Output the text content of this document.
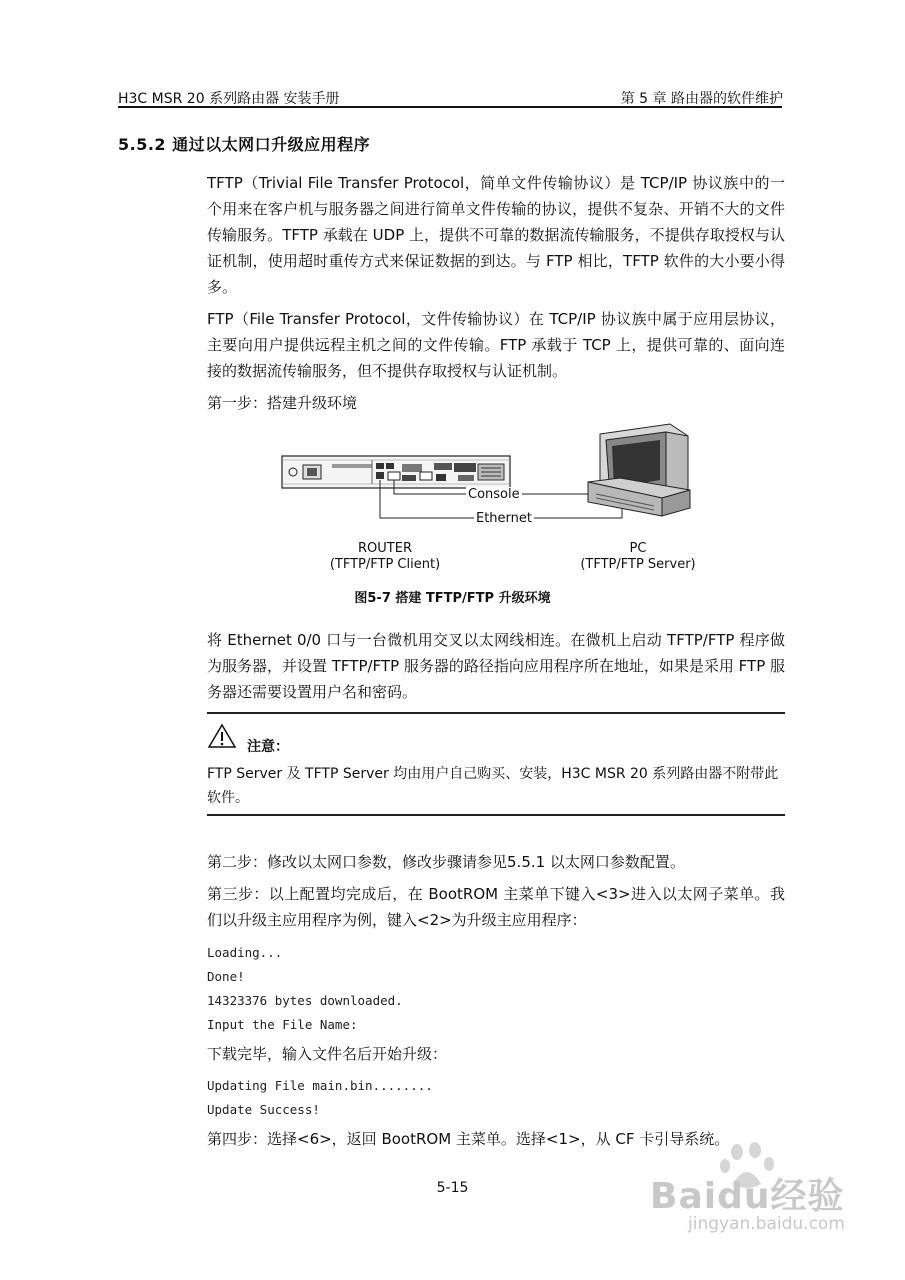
H3C MSR 20 系列路由器 安装手册	第 5 章 路由器的软件维护
5.5.2 通过以太网口升级应用程序

TFTP（Trivial File Transfer Protocol，简单文件传输协议）是 TCP/IP 协议族中的一个用来在客户机与服务器之间进行简单文件传输的协议，提供不复杂、开销不大的文件传输服务。TFTP 承载在 UDP 上，提供不可靠的数据流传输服务，不提供存取授权与认证机制，使用超时重传方式来保证数据的到达。与 FTP 相比，TFTP 软件的大小要小得多。

FTP（File Transfer Protocol，文件传输协议）在 TCP/IP 协议族中属于应用层协议，主要向用户提供远程主机之间的文件传输。FTP 承载于 TCP 上，提供可靠的、面向连接的数据流传输服务，但不提供存取授权与认证机制。

第一步：搭建升级环境
Console
Ethernet
ROUTER
(TFTP/FTP Client)
PC
(TFTP/FTP Server)
图5-7 搭建 TFTP/FTP 升级环境

将 Ethernet 0/0 口与一台微机用交叉以太网线相连。在微机上启动 TFTP/FTP 程序做为服务器，并设置 TFTP/FTP 服务器的路径指向应用程序所在地址，如果是采用 FTP 服务器还需要设置用户名和密码。

注意：
FTP Server 及 TFTP Server 均由用户自己购买、安装，H3C MSR 20 系列路由器不附带此软件。
第二步：修改以太网口参数，修改步骤请参见5.5.1 以太网口参数配置。

第三步：以上配置均完成后，在 BootROM 主菜单下键入<3>进入以太网子菜单。我们以升级主应用程序为例，键入<2>为升级主应用程序：

Loading...
Done!
14323376 bytes downloaded.
Input the File Name:
下载完毕，输入文件名后开始升级：
Updating File main.bin........
Update Success!
第四步：选择<6>，返回 BootROM 主菜单。选择<1>，从 CF 卡引导系统。
5-15	Baidu经验
jingyan.baidu.com
